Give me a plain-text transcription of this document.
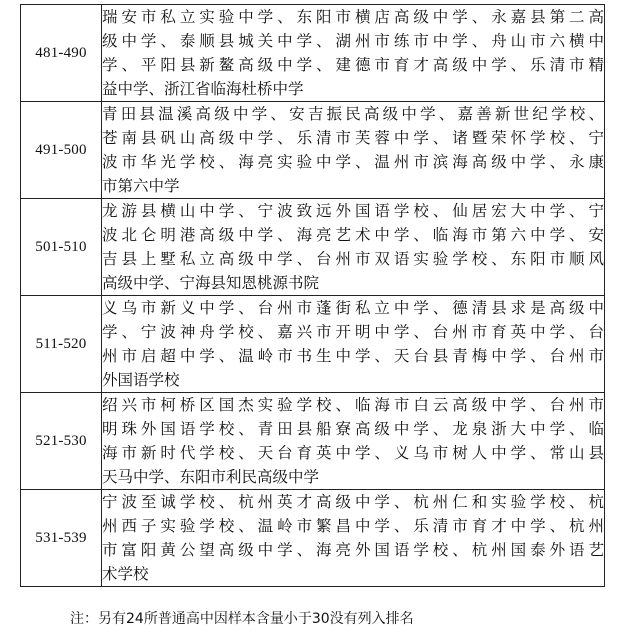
481-490	瑞安市私立实验中学、东阳市横店高级中学、永嘉县第二高
级中学、泰顺县城关中学、湖州市练市中学、舟山市六横中
学、平阳县新鳌高级中学、建德市育才高级中学、乐清市精
益中学、浙江省临海杜桥中学

491-500	青田县温溪高级中学、安吉振民高级中学、嘉善新世纪学校、
苍南县矾山高级中学、乐清市芙蓉中学、诸暨荣怀学校、宁
波市华光学校、海亮实验中学、温州市滨海高级中学、永康
市第六中学

501-510	龙游县横山中学、宁波致远外国语学校、仙居宏大中学、宁
波北仑明港高级中学、海亮艺术中学、临海市第六中学、安
吉县上墅私立高级中学、台州市双语实验学校、东阳市顺风
高级中学、宁海县知恩桃源书院

511-520	义乌市新义中学、台州市蓬街私立中学、德清县求是高级中
学、宁波神舟学校、嘉兴市开明中学、台州市育英中学、台
州市启超中学、温岭市书生中学、天台县青梅中学、台州市
外国语学校

521-530	绍兴市柯桥区国杰实验学校、临海市白云高级中学、台州市
明珠外国语学校、青田县船寮高级中学、龙泉浙大中学、临
海市新时代学校、天台育英中学、义乌市树人中学、常山县
天马中学、东阳市利民高级中学

531-539	宁波至诚学校、杭州英才高级中学、杭州仁和实验学校、杭
州西子实验学校、温岭市繁昌中学、乐清市育才中学、杭州
市富阳黄公望高级中学、海亮外国语学校、杭州国泰外语艺
术学校
注：另有24所普通高中因样本含量小于30没有列入排名
